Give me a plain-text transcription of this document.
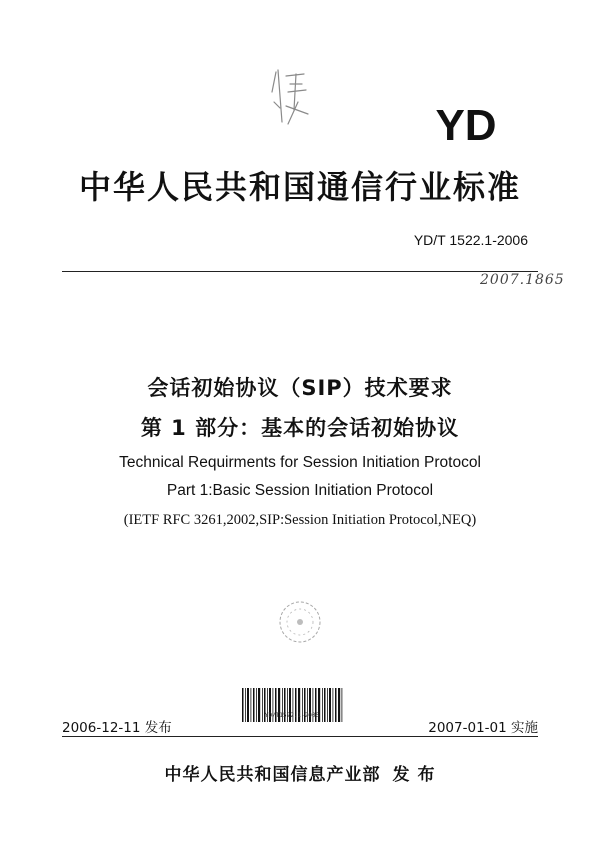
YD
中华人民共和国通信行业标准
YD/T 1522.1-2006
2007.1865
会话初始协议（SIP）技术要求
第 1 部分：基本的会话初始协议
Technical Requirments for Session Initiation Protocol
Part 1:Basic Session Initiation Protocol
(IETF RFC 3261,2002,SIP:Session Initiation Protocol,NEQ)
YD/T1522.1-2006
2006-12-11 发布	2007-01-01 实施
中华人民共和国信息产业部 发 布
